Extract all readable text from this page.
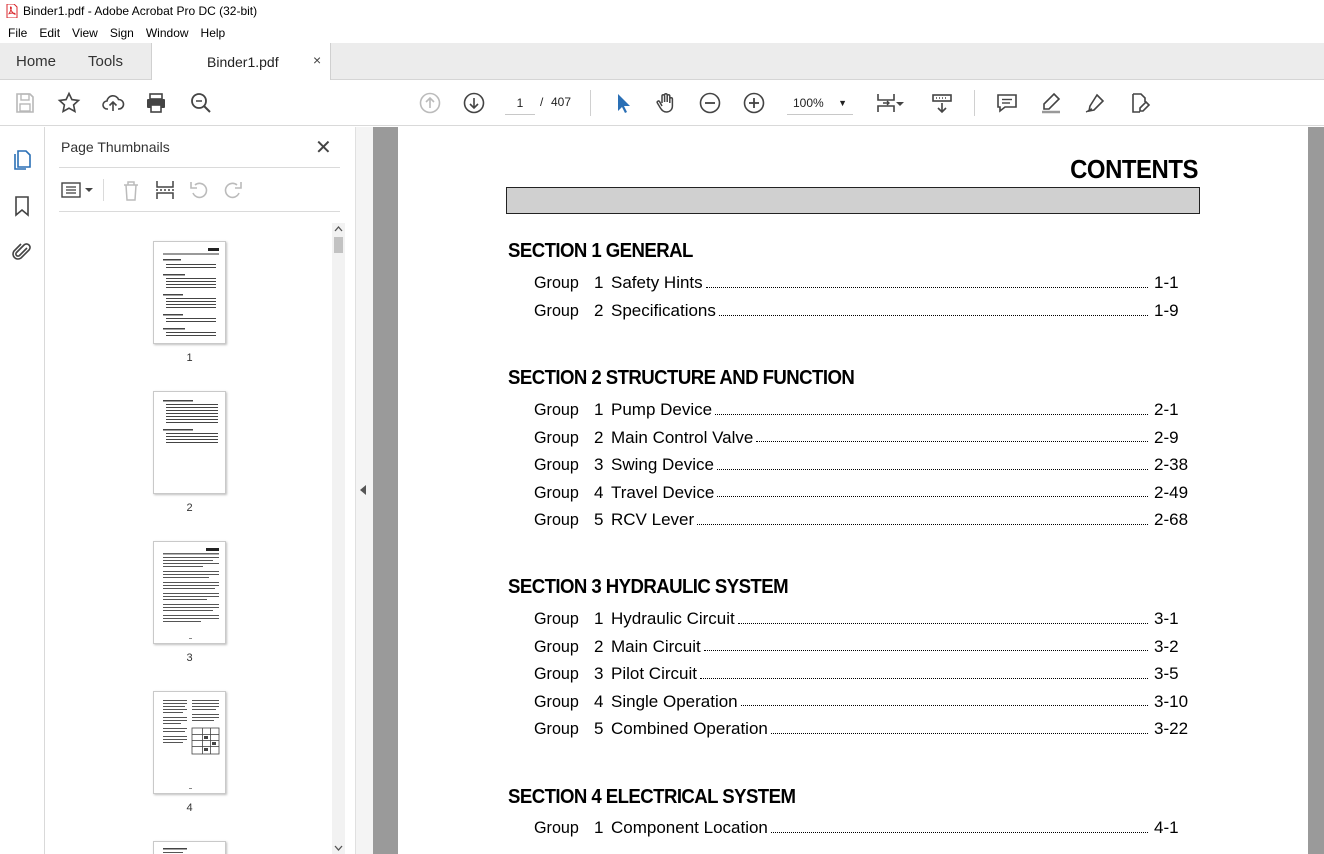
Binder1.pdf - Adobe Acrobat Pro DC (32-bit)
File	Edit	View	Sign	Window	Help
Home Tools	Binder1.pdf ×
1	/ 407	100% ▼
Page Thumbnails	✕
1
2
3
4
CONTENTS
SECTION 1 GENERAL
Group 1 Safety Hints	1-1
Group 2 Specifications	1-9
SECTION 2 STRUCTURE AND FUNCTION
Group 1 Pump Device	2-1
Group 2 Main Control Valve	2-9
Group 3 Swing Device	2-38
Group 4 Travel Device	2-49
Group 5 RCV Lever	2-68
SECTION 3 HYDRAULIC SYSTEM
Group 1 Hydraulic Circuit	3-1
Group 2 Main Circuit	3-2
Group 3 Pilot Circuit	3-5
Group 4 Single Operation	3-10
Group 5 Combined Operation	3-22
SECTION 4 ELECTRICAL SYSTEM
Group 1 Component Location	4-1
